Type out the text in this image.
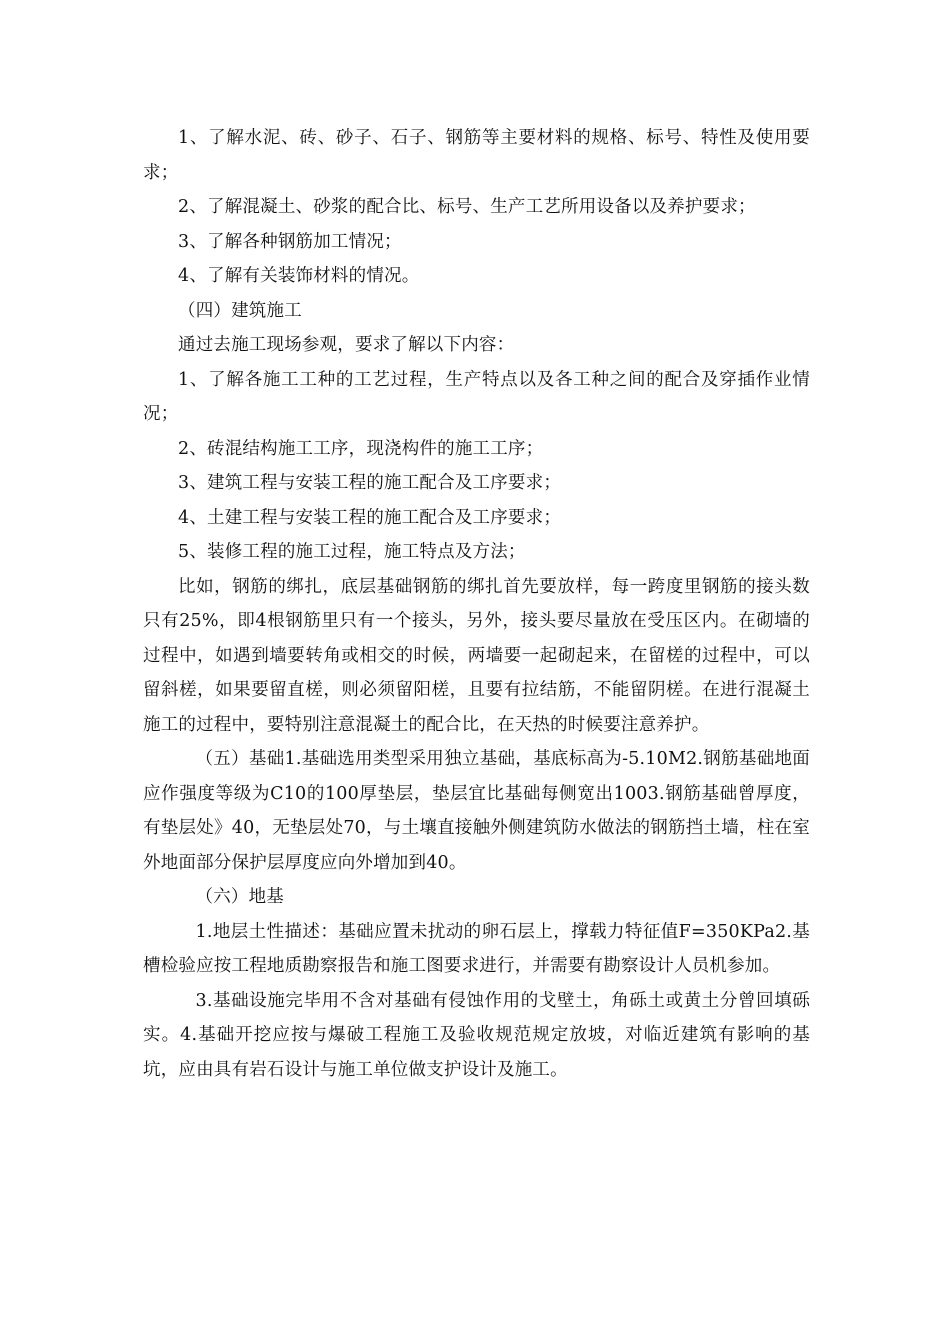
1、了解水泥、砖、砂子、石子、钢筋等主要材料的规格、标号、特性及使用要求；

2、了解混凝土、砂浆的配合比、标号、生产工艺所用设备以及养护要求；

3、了解各种钢筋加工情况；

4、了解有关装饰材料的情况。

（四）建筑施工

通过去施工现场参观，要求了解以下内容：

1、了解各施工工种的工艺过程，生产特点以及各工种之间的配合及穿插作业情况；

2、砖混结构施工工序，现浇构件的施工工序；

3、建筑工程与安装工程的施工配合及工序要求；

4、土建工程与安装工程的施工配合及工序要求；

5、装修工程的施工过程，施工特点及方法；

比如，钢筋的绑扎，底层基础钢筋的绑扎首先要放样，每一跨度里钢筋的接头数只有25%，即4根钢筋里只有一个接头，另外，接头要尽量放在受压区内。在砌墙的过程中，如遇到墙要转角或相交的时候，两墙要一起砌起来，在留槎的过程中，可以留斜槎，如果要留直槎，则必须留阳槎，且要有拉结筋，不能留阴槎。在进行混凝土施工的过程中，要特别注意混凝土的配合比，在天热的时候要注意养护。

（五）基础1.基础选用类型采用独立基础，基底标高为-5.10M2.钢筋基础地面应作强度等级为C10的100厚垫层，垫层宜比基础每侧宽出1003.钢筋基础曾厚度，有垫层处》40，无垫层处70，与土壤直接触外侧建筑防水做法的钢筋挡土墙，柱在室外地面部分保护层厚度应向外增加到40。

（六）地基

1.地层土性描述：基础应置未扰动的卵石层上，撑载力特征值F=350KPa2.基槽检验应按工程地质勘察报告和施工图要求进行，并需要有勘察设计人员机参加。

3.基础设施完毕用不含对基础有侵蚀作用的戈壁土，角砾土或黄土分曾回填砾实。4.基础开挖应按与爆破工程施工及验收规范规定放坡，对临近建筑有影响的基坑，应由具有岩石设计与施工单位做支护设计及施工。
